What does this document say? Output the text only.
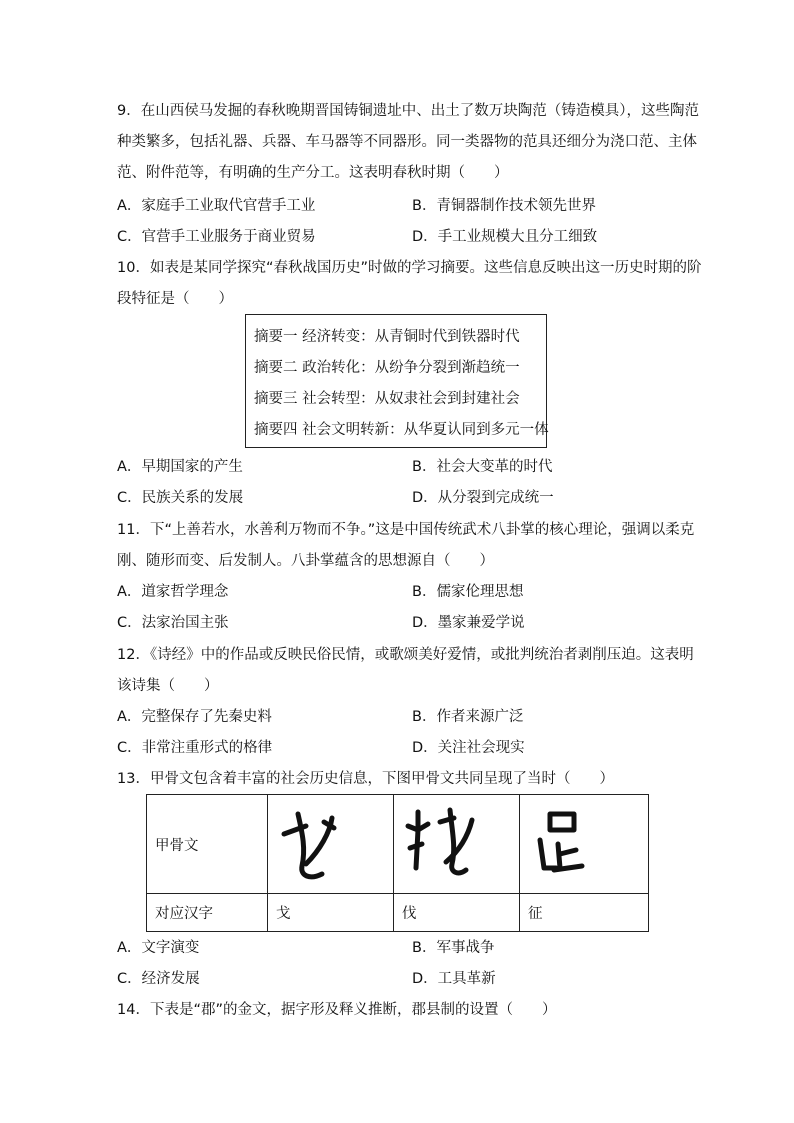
9．在山西侯马发掘的春秋晚期晋国铸铜遗址中、出土了数万块陶范（铸造模具），这些陶范
种类繁多，包括礼器、兵器、车马器等不同器形。同一类器物的范具还细分为浇口范、主体
范、附件范等，有明确的生产分工。这表明春秋时期（　　）
A．家庭手工业取代官营手工业	B．青铜器制作技术领先世界
C．官营手工业服务于商业贸易	D．手工业规模大且分工细致
10．如表是某同学探究“春秋战国历史”时做的学习摘要。这些信息反映出这一历史时期的阶
段特征是（　　）
摘要一 经济转变：从青铜时代到铁器时代
摘要二 政治转化：从纷争分裂到渐趋统一
摘要三 社会转型：从奴隶社会到封建社会
摘要四 社会文明转新：从华夏认同到多元一体
A．早期国家的产生	B．社会大变革的时代
C．民族关系的发展	D．从分裂到完成统一
11．下“上善若水，水善利万物而不争。”这是中国传统武术八卦掌的核心理论，强调以柔克
刚、随形而变、后发制人。八卦掌蕴含的思想源自（　　）
A．道家哲学理念	B．儒家伦理思想
C．法家治国主张	D．墨家兼爱学说
12．《诗经》中的作品或反映民俗民情，或歌颂美好爱情，或批判统治者剥削压迫。这表明
该诗集（　　）
A．完整保存了先秦史料	B．作者来源广泛
C．非常注重形式的格律	D．关注社会现实
13．甲骨文包含着丰富的社会历史信息，下图甲骨文共同呈现了当时（　　）
甲骨文	

对应汉字	戈	伐	征
A．文字演变	B．军事战争
C．经济发展	D．工具革新
14．下表是“郡”的金文，据字形及释义推断，郡县制的设置（　　）
